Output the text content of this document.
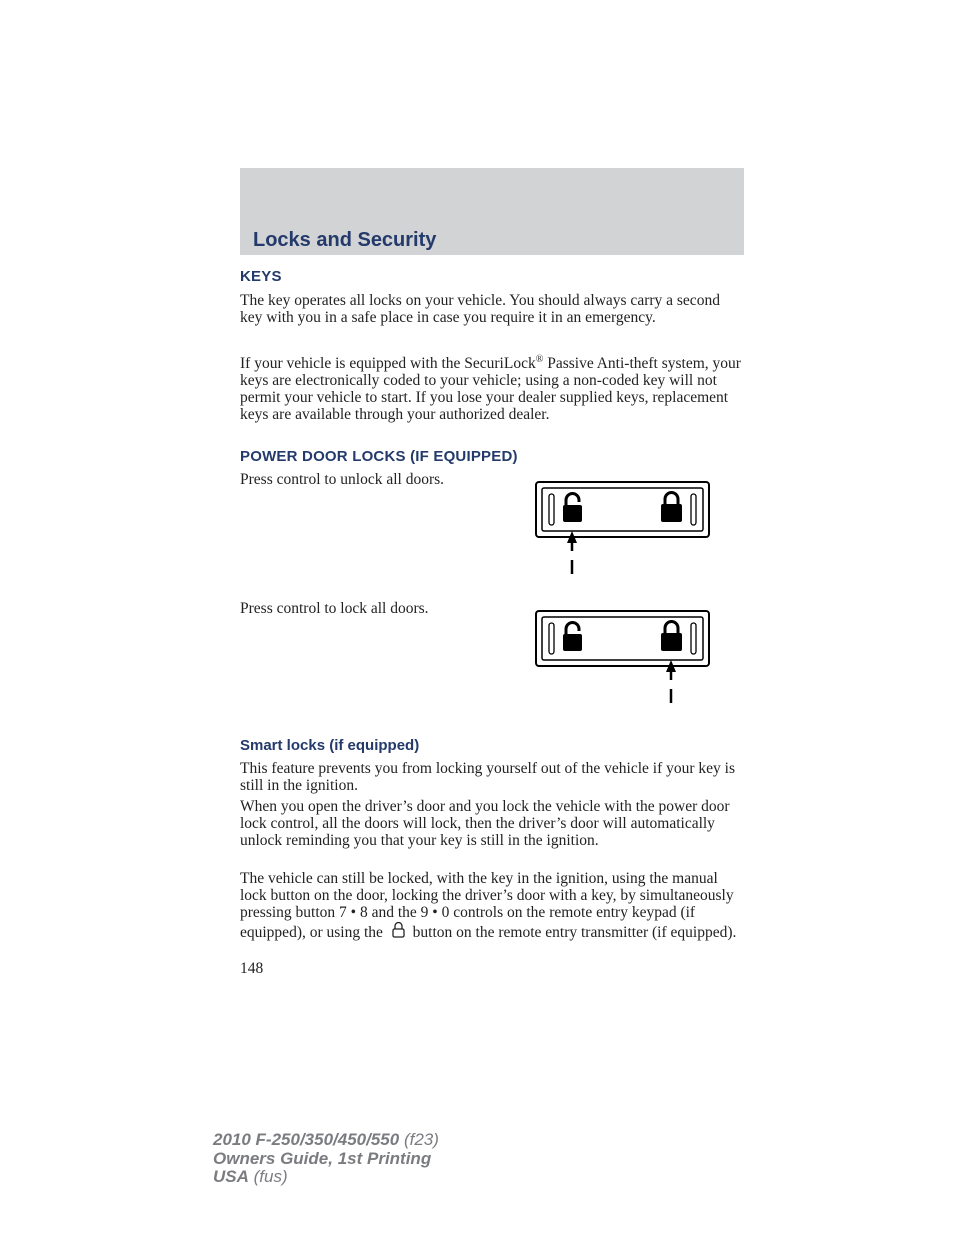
Locks and Security
KEYS
The key operates all locks on your vehicle. You should always carry a second key with you in a safe place in case you require it in an emergency.
If your vehicle is equipped with the SecuriLock® Passive Anti-theft system, your keys are electronically coded to your vehicle; using a non-coded key will not permit your vehicle to start. If you lose your dealer supplied keys, replacement keys are available through your authorized dealer.
POWER DOOR LOCKS (IF EQUIPPED)
Press control to unlock all doors.
Press control to lock all doors.
Smart locks (if equipped)
This feature prevents you from locking yourself out of the vehicle if your key is still in the ignition.
When you open the driver’s door and you lock the vehicle with the power door lock control, all the doors will lock, then the driver’s door will automatically unlock reminding you that your key is still in the ignition.
The vehicle can still be locked, with the key in the ignition, using the manual lock button on the door, locking the driver’s door with a key, by simultaneously pressing button 7 • 8 and the 9 • 0 controls on the remote entry keypad (if equipped), or using the  button on the remote entry transmitter (if equipped).
148
2010 F-250/350/450/550 (f23)
Owners Guide, 1st Printing
USA (fus)
